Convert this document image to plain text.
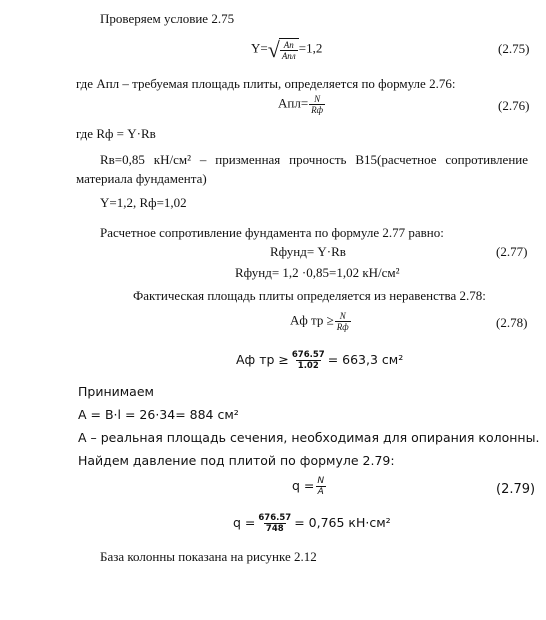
Проверяем условие 2.75
Y= √ $\frac{Aп}{\text{Aпл}} =1,2$	(2.75)
где Aпл – требуемая площадь плиты, определяется по формуле 2.76:
$Aпл= \frac{N}{Rф}$	(2.76)
где Rф = Y·Rв
Rв=0,85 кН/см² – призменная прочность В15(расчетное сопротивление
материала фундамента)
Y=1,2, Rф=1,02
Расчетное сопротивление фундамента по формуле 2.77 равно:
Rфунд= Y·Rв	(2.77)
Rфунд= 1,2 ·0,85=1,02 кН/см²
Фактическая площадь плиты определяется из неравенства 2.78:
Aф тр ≥ $\frac{N}{Rф}$	(2.78)
Aф тр ≥ $\frac{676.57}{1.02} = 663,3$ см²
Принимаем
A = B·l = 26·34= 884 см²
A – реальная площадь сечения, необходимая для опирания колонны.
Найдем давление под плитой по формуле 2.79:
$q = \frac{N}{A}$	(2.79)
$q = \frac{676.57}{748} = 0,765$ кН·см²
База колонны показана на рисунке 2.12
